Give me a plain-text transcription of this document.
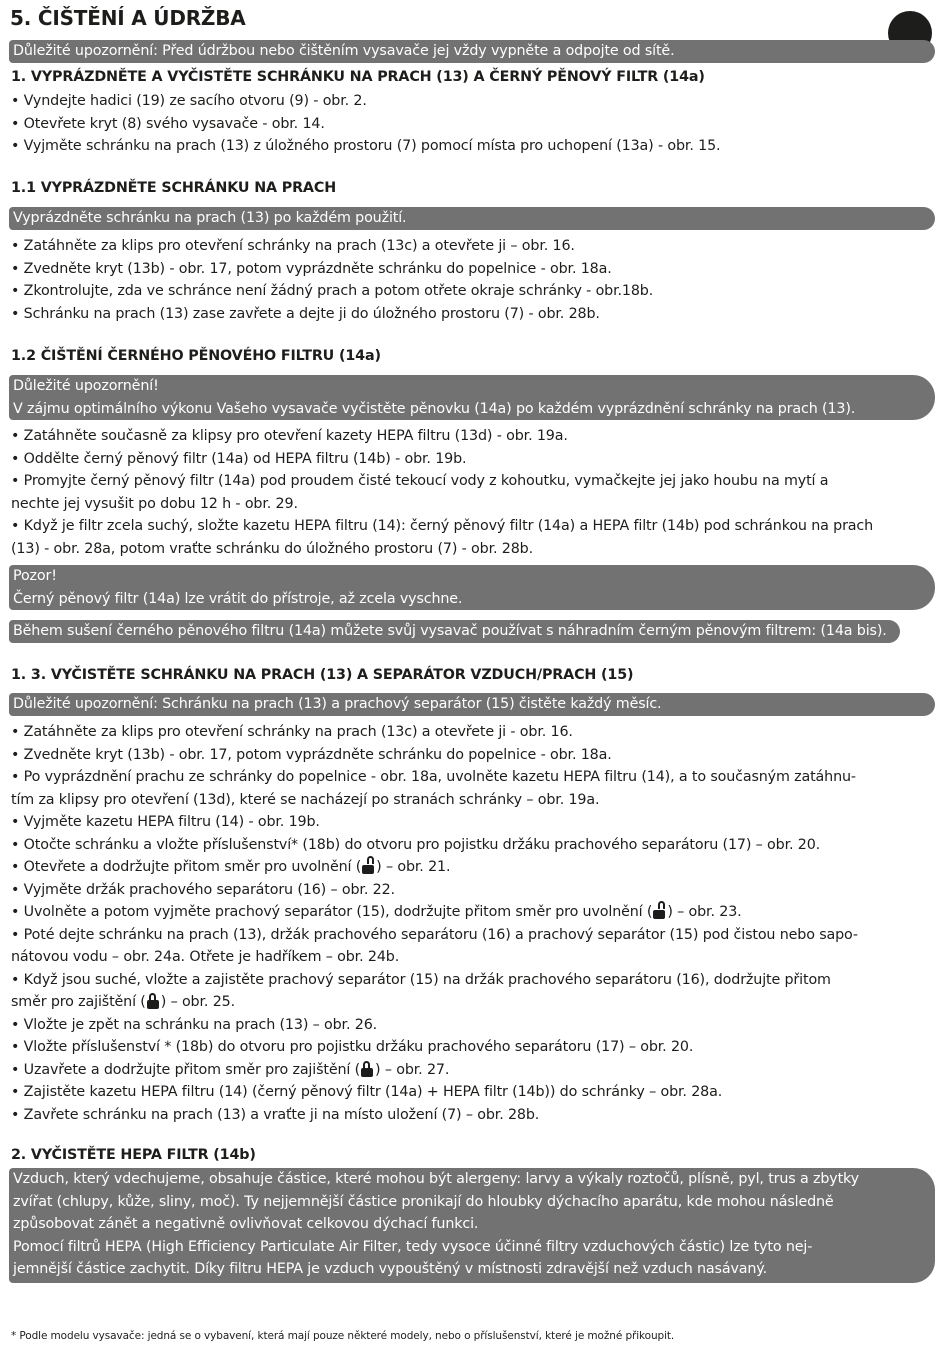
5. ČIŠTĚNÍ A ÚDRŽBA
Důležité upozornění: Před údržbou nebo čištěním vysavače jej vždy vypněte a odpojte od sítě.
1. VYPRÁZDNĚTE A VYČISTĚTE SCHRÁNKU NA PRACH (13) A ČERNÝ PĚNOVÝ FILTR (14a)
• Vyndejte hadici (19) ze sacího otvoru (9) - obr. 2.
• Otevřete kryt (8) svého vysavače - obr. 14.
• Vyjměte schránku na prach (13) z úložného prostoru (7) pomocí místa pro uchopení (13a) - obr. 15.
1.1 VYPRÁZDNĚTE SCHRÁNKU NA PRACH
Vyprázdněte schránku na prach (13) po každém použití.
• Zatáhněte za klips pro otevření schránky na prach (13c) a otevřete ji – obr. 16.
• Zvedněte kryt (13b) - obr. 17, potom vyprázdněte schránku do popelnice - obr. 18a.
• Zkontrolujte, zda ve schránce není žádný prach a potom otřete okraje schránky - obr.18b.
• Schránku na prach (13) zase zavřete a dejte ji do úložného prostoru (7) - obr. 28b.
1.2 ČIŠTĚNÍ ČERNÉHO PĚNOVÉHO FILTRU (14a)
Důležité upozornění!
V zájmu optimálního výkonu Vašeho vysavače vyčistěte pěnovku (14a) po každém vyprázdnění schránky na prach (13).
• Zatáhněte současně za klipsy pro otevření kazety HEPA filtru (13d) - obr. 19a.
• Oddělte černý pěnový filtr (14a) od HEPA filtru (14b) - obr. 19b.
• Promyjte černý pěnový filtr (14a) pod proudem čisté tekoucí vody z kohoutku, vymačkejte jej jako houbu na mytí a
nechte jej vysušit po dobu 12 h - obr. 29.
• Když je filtr zcela suchý, složte kazetu HEPA filtru (14): černý pěnový filtr (14a) a HEPA filtr (14b) pod schránkou na prach
(13) - obr. 28a, potom vraťte schránku do úložného prostoru (7) - obr. 28b.
Pozor!
Černý pěnový filtr (14a) lze vrátit do přístroje, až zcela vyschne.
Během sušení černého pěnového filtru (14a) můžete svůj vysavač používat s náhradním černým pěnovým filtrem: (14a bis).
1. 3. VYČISTĚTE SCHRÁNKU NA PRACH (13) A SEPARÁTOR VZDUCH/PRACH (15)
Důležité upozornění: Schránku na prach (13) a prachový separátor (15) čistěte každý měsíc.
• Zatáhněte za klips pro otevření schránky na prach (13c) a otevřete ji - obr. 16.
• Zvedněte kryt (13b) - obr. 17, potom vyprázdněte schránku do popelnice - obr. 18a.
• Po vyprázdnění prachu ze schránky do popelnice - obr. 18a, uvolněte kazetu HEPA filtru (14), a to současným zatáhnu-
tím za klipsy pro otevření (13d), které se nacházejí po stranách schránky – obr. 19a.
• Vyjměte kazetu HEPA filtru (14) - obr. 19b.
• Otočte schránku a vložte příslušenství* (18b) do otvoru pro pojistku držáku prachového separátoru (17) – obr. 20.
• Otevřete a dodržujte přitom směr pro uvolnění ( ) – obr. 21.
• Vyjměte držák prachového separátoru (16) – obr. 22.
• Uvolněte a potom vyjměte prachový separátor (15), dodržujte přitom směr pro uvolnění ( ) – obr. 23.
• Poté dejte schránku na prach (13), držák prachového separátoru (16) a prachový separátor (15) pod čistou nebo sapo-
nátovou vodu – obr. 24a. Otřete je hadříkem – obr. 24b.
• Když jsou suché, vložte a zajistěte prachový separátor (15) na držák prachového separátoru (16), dodržujte přitom
směr pro zajištění ( ) – obr. 25.
• Vložte je zpět na schránku na prach (13) – obr. 26.
• Vložte příslušenství * (18b) do otvoru pro pojistku držáku prachového separátoru (17) – obr. 20.
• Uzavřete a dodržujte přitom směr pro zajištění ( ) – obr. 27.
• Zajistěte kazetu HEPA filtru (14) (černý pěnový filtr (14a) + HEPA filtr (14b)) do schránky – obr. 28a.
• Zavřete schránku na prach (13) a vraťte ji na místo uložení (7) – obr. 28b.
2. VYČISTĚTE HEPA FILTR (14b)
Vzduch, který vdechujeme, obsahuje částice, které mohou být alergeny: larvy a výkaly roztočů, plísně, pyl, trus a zbytky
zvířat (chlupy, kůže, sliny, moč). Ty nejjemnější částice pronikají do hloubky dýchacího aparátu, kde mohou následně
způsobovat zánět a negativně ovlivňovat celkovou dýchací funkci.
Pomocí filtrů HEPA (High Efficiency Particulate Air Filter, tedy vysoce účinné filtry vzduchových částic) lze tyto nej-
jemnější částice zachytit. Díky filtru HEPA je vzduch vypouštěný v místnosti zdravější než vzduch nasávaný.
* Podle modelu vysavače: jedná se o vybavení, která mají pouze některé modely, nebo o příslušenství, které je možné přikoupit.
